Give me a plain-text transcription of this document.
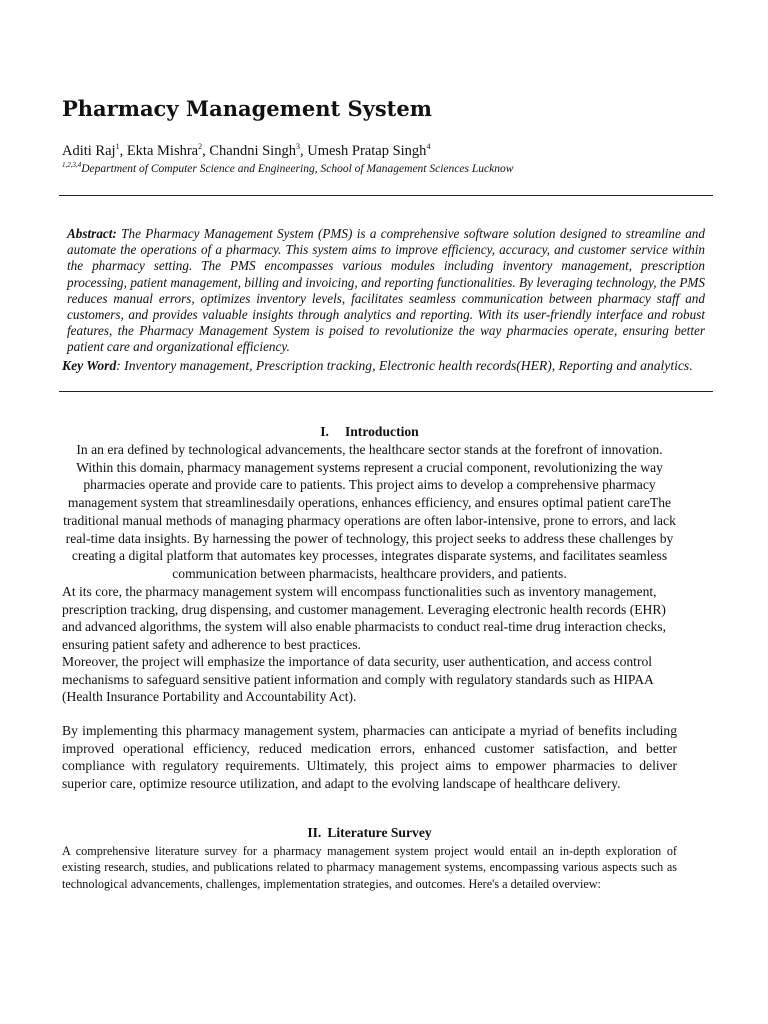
Pharmacy Management System
Aditi Raj$^1$, Ekta Mishra$^2$, Chandni Singh$^3$, Umesh Pratap Singh$^4$
$^{1,2,3,4}$Department of Computer Science and Engineering, School of Management Sciences Lucknow

Abstract: The Pharmacy Management System (PMS) is a comprehensive software solution designed to streamline and automate the operations of a pharmacy. This system aims to improve efficiency, accuracy, and customer service within the pharmacy setting. The PMS encompasses various modules including inventory management, prescription processing, patient management, billing and invoicing, and reporting functionalities. By leveraging technology, the PMS reduces manual errors, optimizes inventory levels, facilitates seamless communication between pharmacy staff and customers, and provides valuable insights through analytics and reporting. With its user-friendly interface and robust features, the Pharmacy Management System is poised to revolutionize the way pharmacies operate, ensuring better patient care and organizational efficiency.

Key Word: Inventory management, Prescription tracking, Electronic health records(HER), Reporting and analytics.

I. Introduction

In an era defined by technological advancements, the healthcare sector stands at the forefront of innovation. Within this domain, pharmacy management systems represent a crucial component, revolutionizing the way pharmacies operate and provide care to patients. This project aims to develop a comprehensive pharmacy management system that streamlinesdaily operations, enhances efficiency, and ensures optimal patient careThe traditional manual methods of managing pharmacy operations are often labor-intensive, prone to errors, and lack real-time data insights. By harnessing the power of technology, this project seeks to address these challenges by creating a digital platform that automates key processes, integrates disparate systems, and facilitates seamless communication between pharmacists, healthcare providers, and patients.

At its core, the pharmacy management system will encompass functionalities such as inventory management, prescription tracking, drug dispensing, and customer management. Leveraging electronic health records (EHR) and advanced algorithms, the system will also enable pharmacists to conduct real-time drug interaction checks, ensuring patient safety and adherence to best practices.

Moreover, the project will emphasize the importance of data security, user authentication, and access control mechanisms to safeguard sensitive patient information and comply with regulatory standards such as HIPAA (Health Insurance Portability and Accountability Act).

By implementing this pharmacy management system, pharmacies can anticipate a myriad of benefits including improved operational efficiency, reduced medication errors, enhanced customer satisfaction, and better compliance with regulatory requirements. Ultimately, this project aims to empower pharmacies to deliver superior care, optimize resource utilization, and adapt to the evolving landscape of healthcare delivery.

II. Literature Survey

A comprehensive literature survey for a pharmacy management system project would entail an in-depth exploration of existing research, studies, and publications related to pharmacy management systems, encompassing various aspects such as technological advancements, challenges, implementation strategies, and outcomes. Here's a detailed overview:
